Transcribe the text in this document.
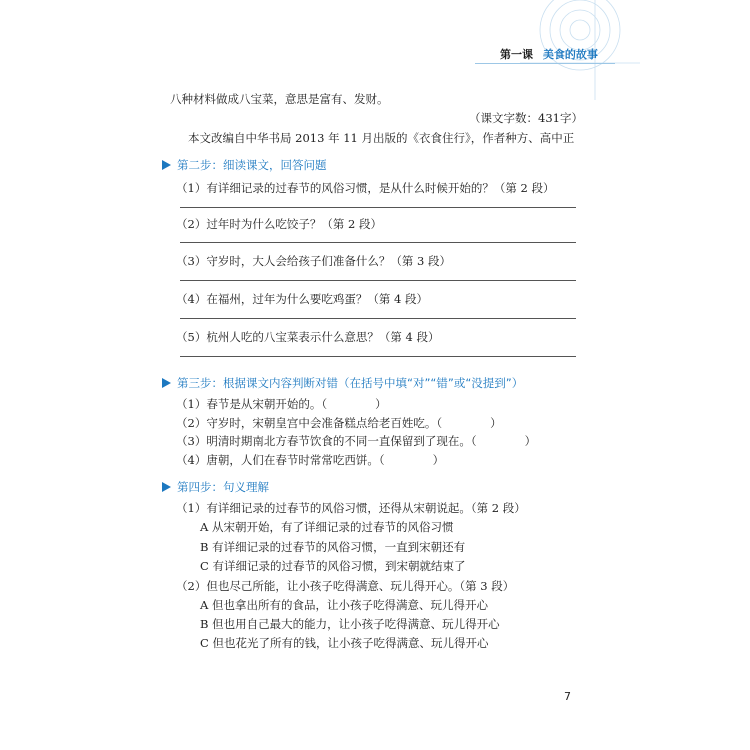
第一课 美食的故事
八种材料做成八宝菜，意思是富有、发财。
（课文字数：431字）
本文改编自中华书局 2013 年 11 月出版的《衣食住行》，作者种方、高中正
第二步：细读课文，回答问题
（1）有详细记录的过春节的风俗习惯，是从什么时候开始的？（第 2 段）
（2）过年时为什么吃饺子？（第 2 段）
（3）守岁时，大人会给孩子们准备什么？（第 3 段）
（4）在福州，过年为什么要吃鸡蛋？（第 4 段）
（5）杭州人吃的八宝菜表示什么意思？（第 4 段）
第三步：根据课文内容判断对错（在括号中填“对”“错”或“没提到”）
（1）春节是从宋朝开始的。（	）
（2）守岁时，宋朝皇宫中会准备糕点给老百姓吃。（	）
（3）明清时期南北方春节饮食的不同一直保留到了现在。（	）
（4）唐朝，人们在春节时常常吃西饼。（	）
第四步：句义理解
（1）有详细记录的过春节的风俗习惯，还得从宋朝说起。（第 2 段）
A 从宋朝开始，有了详细记录的过春节的风俗习惯
B 有详细记录的过春节的风俗习惯，一直到宋朝还有
C 有详细记录的过春节的风俗习惯，到宋朝就结束了
（2）但也尽己所能，让小孩子吃得满意、玩儿得开心。（第 3 段）
A 但也拿出所有的食品，让小孩子吃得满意、玩儿得开心
B 但也用自己最大的能力，让小孩子吃得满意、玩儿得开心
C 但也花光了所有的钱，让小孩子吃得满意、玩儿得开心
7
